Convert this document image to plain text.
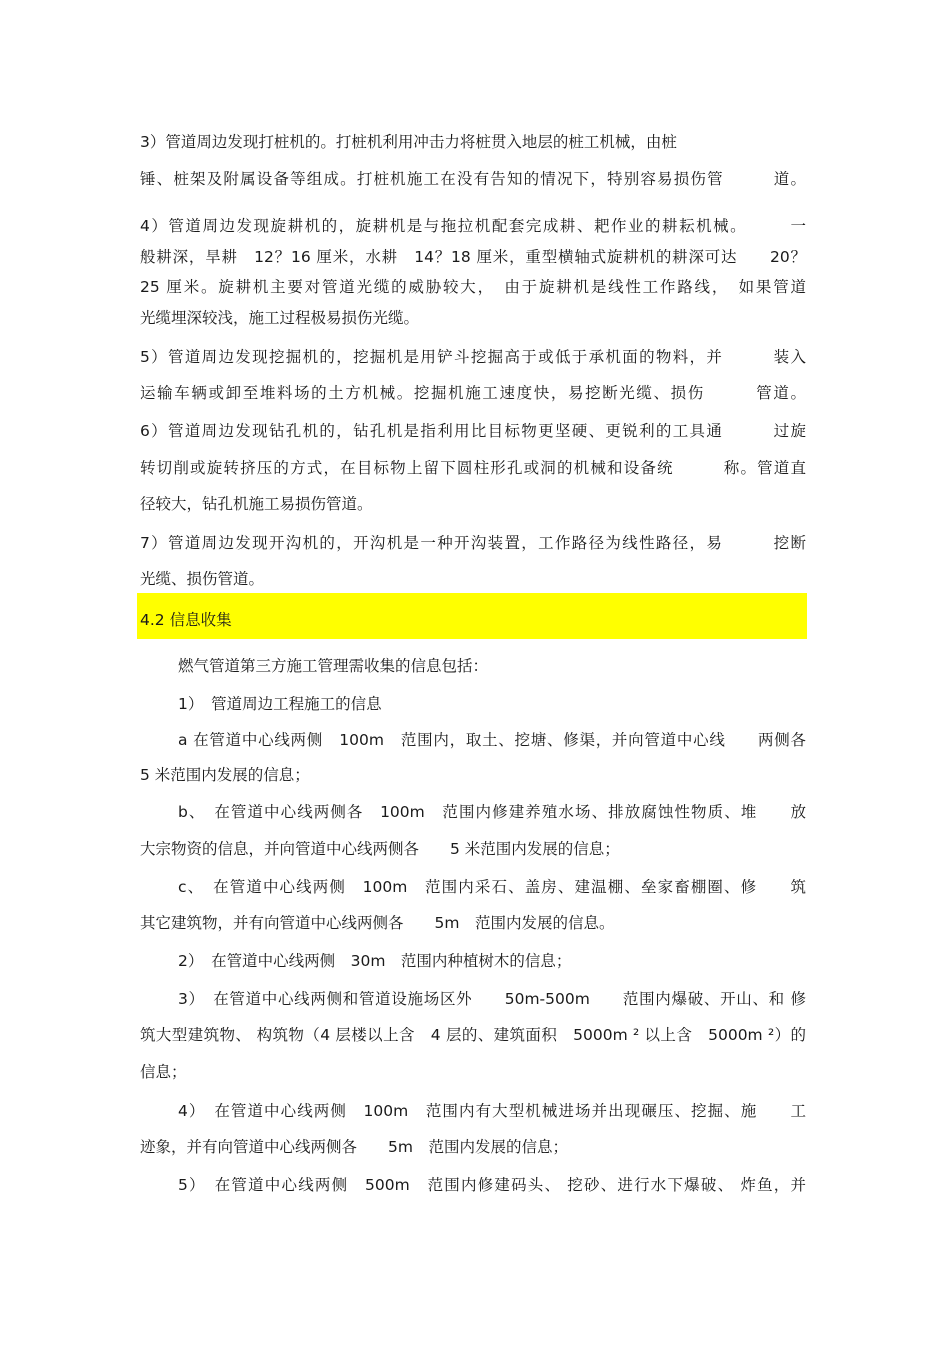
3）管道周边发现打桩机的。打桩机利用冲击力将桩贯入地层的桩工机械，由桩
锤、桩架及附属设备等组成。打桩机施工在没有告知的情况下，特别容易损伤管　　　道。
4）管道周边发现旋耕机的，旋耕机是与拖拉机配套完成耕、耙作业的耕耘机械。　　　一
般耕深，旱耕　12？16 厘米，水耕　14？18 厘米，重型横轴式旋耕机的耕深可达　　20？
25 厘米。旋耕机主要对管道光缆的威胁较大，　由于旋耕机是线性工作路线，　如果管道
光缆埋深较浅，施工过程极易损伤光缆。
5）管道周边发现挖掘机的，挖掘机是用铲斗挖掘高于或低于承机面的物料，并　　　装入
运输车辆或卸至堆料场的土方机械。挖掘机施工速度快，易挖断光缆、损伤　　　管道。
6）管道周边发现钻孔机的，钻孔机是指利用比目标物更坚硬、更锐利的工具通　　　过旋
转切削或旋转挤压的方式，在目标物上留下圆柱形孔或洞的机械和设备统　　　称。管道直
径较大，钻孔机施工易损伤管道。
7）管道周边发现开沟机的，开沟机是一种开沟装置，工作路径为线性路径，易　　　挖断
光缆、损伤管道。
4.2 信息收集
燃气管道第三方施工管理需收集的信息包括：
1）　管道周边工程施工的信息
a 在管道中心线两侧　100m　范围内，取土、挖塘、修渠，并向管道中心线　　两侧各
5 米范围内发展的信息；
b、　在管道中心线两侧各　100m　范围内修建养殖水场、排放腐蚀性物质、堆　　放
大宗物资的信息，并向管道中心线两侧各　　5 米范围内发展的信息；
c、　在管道中心线两侧　100m　范围内采石、盖房、建温棚、垒家畜棚圈、修　　筑
其它建筑物，并有向管道中心线两侧各　　5m　范围内发展的信息。
2）　在管道中心线两侧　30m　范围内种植树木的信息；
3）　在管道中心线两侧和管道设施场区外　　50m-500m　　范围内爆破、开山、和 修
筑大型建筑物、 构筑物（4 层楼以上含　4 层的、建筑面积　5000m ² 以上含　5000m ²）的
信息；
4）　在管道中心线两侧　100m　范围内有大型机械进场并出现碾压、挖掘、施　　工
迹象，并有向管道中心线两侧各　　5m　范围内发展的信息；
5）　在管道中心线两侧　500m　范围内修建码头、 挖砂、进行水下爆破、 炸鱼，并
